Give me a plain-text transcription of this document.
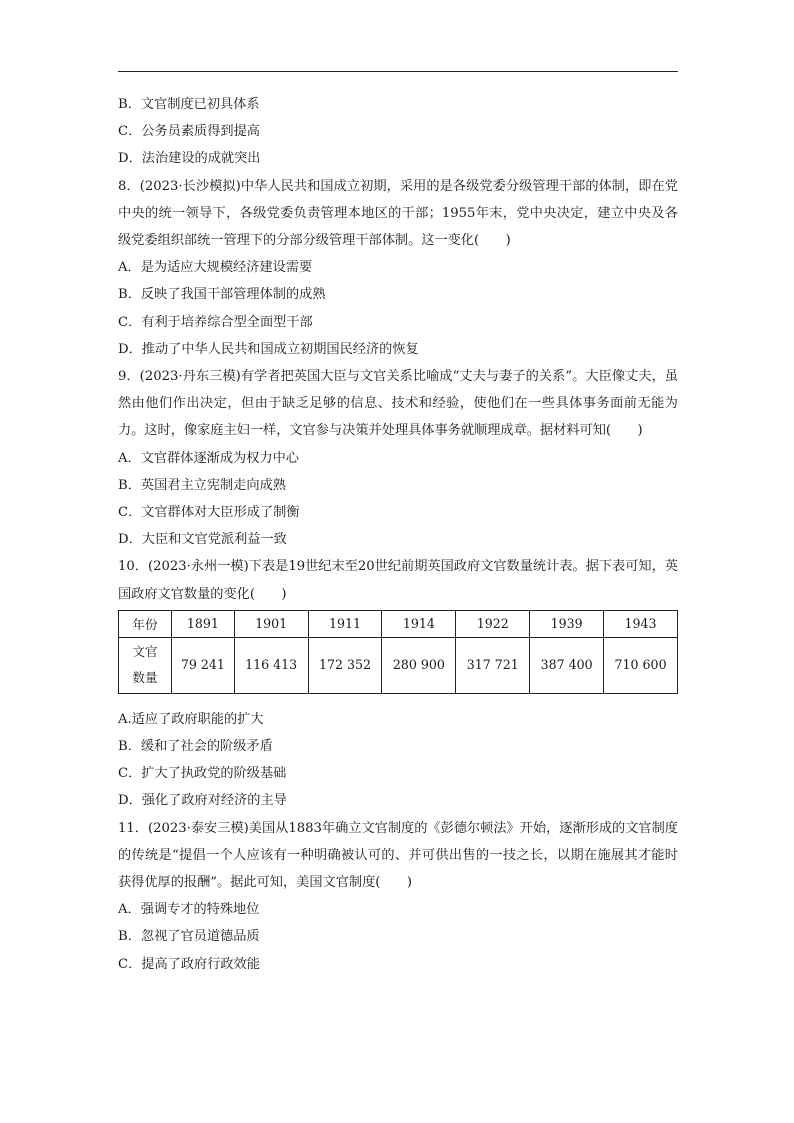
B．文官制度已初具体系
C．公务员素质得到提高
D．法治建设的成就突出
8．(2023·长沙模拟)中华人民共和国成立初期，采用的是各级党委分级管理干部的体制，即在党中央的统一领导下，各级党委负责管理本地区的干部；1955年末，党中央决定，建立中央及各级党委组织部统一管理下的分部分级管理干部体制。这一变化(　　)
A．是为适应大规模经济建设需要
B．反映了我国干部管理体制的成熟
C．有利于培养综合型全面型干部
D．推动了中华人民共和国成立初期国民经济的恢复
9．(2023·丹东三模)有学者把英国大臣与文官关系比喻成“丈夫与妻子的关系”。大臣像丈夫，虽然由他们作出决定，但由于缺乏足够的信息、技术和经验，使他们在一些具体事务面前无能为力。这时，像家庭主妇一样，文官参与决策并处理具体事务就顺理成章。据材料可知(　　)
A．文官群体逐渐成为权力中心
B．英国君主立宪制走向成熟
C．文官群体对大臣形成了制衡
D．大臣和文官党派利益一致
10．(2023·永州一模)下表是19世纪末至20世纪前期英国政府文官数量统计表。据下表可知，英国政府文官数量的变化(　　)
年份	1891	1901	1911	1914	1922	1939	1943

文官
数量	79 241	116 413	172 352	280 900	317 721	387 400	710 600
A.适应了政府职能的扩大
B．缓和了社会的阶级矛盾
C．扩大了执政党的阶级基础
D．强化了政府对经济的主导
11．(2023·泰安三模)美国从1883年确立文官制度的《彭德尔顿法》开始，逐渐形成的文官制度的传统是“提倡一个人应该有一种明确被认可的、并可供出售的一技之长，以期在施展其才能时获得优厚的报酬”。据此可知，美国文官制度(　　)
A．强调专才的特殊地位
B．忽视了官员道德品质
C．提高了政府行政效能
